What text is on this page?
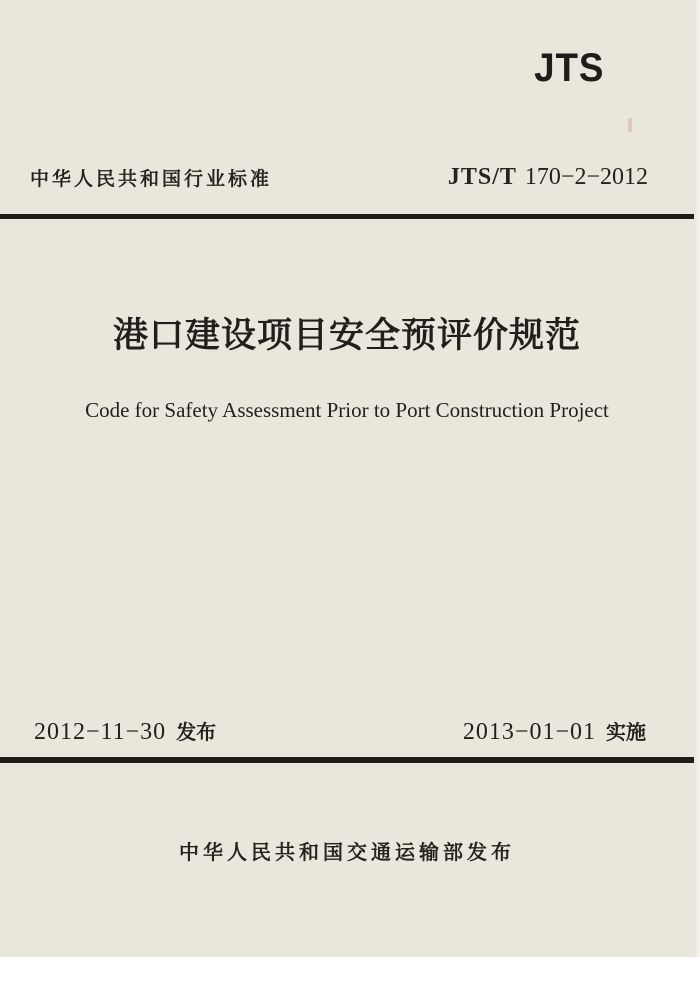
JTS
中华人民共和国行业标准	JTS/T 170−2−2012
港口建设项目安全预评价规范
Code for Safety Assessment Prior to Port Construction Project
2012−11−30 发布	2013−01−01 实施
中华人民共和国交通运输部发布
